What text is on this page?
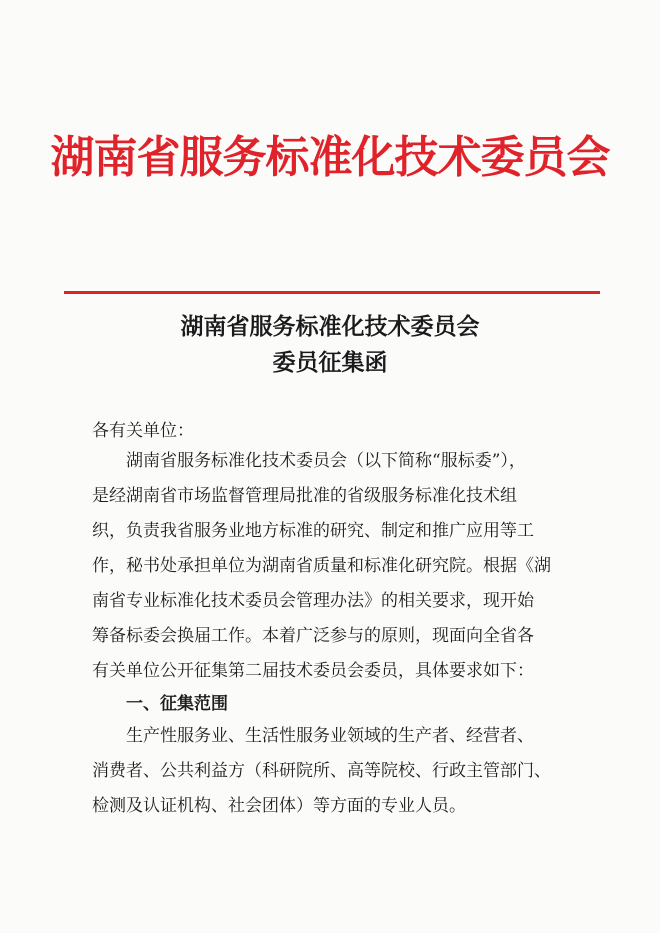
湖南省服务标准化技术委员会
湖南省服务标准化技术委员会
委员征集函
各有关单位：
湖南省服务标准化技术委员会（以下简称“服标委”），
是经湖南省市场监督管理局批准的省级服务标准化技术组
织，负责我省服务业地方标准的研究、制定和推广应用等工
作，秘书处承担单位为湖南省质量和标准化研究院。根据《湖
南省专业标准化技术委员会管理办法》的相关要求，现开始
筹备标委会换届工作。本着广泛参与的原则，现面向全省各
有关单位公开征集第二届技术委员会委员，具体要求如下：
一、征集范围
生产性服务业、生活性服务业领域的生产者、经营者、
消费者、公共利益方（科研院所、高等院校、行政主管部门、
检测及认证机构、社会团体）等方面的专业人员。
